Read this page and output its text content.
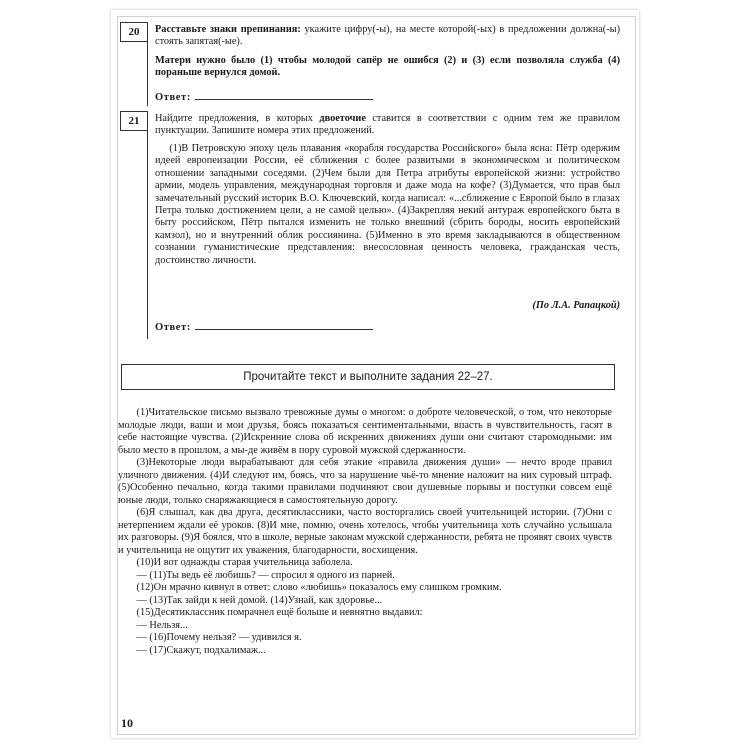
20	Расставьте знаки препинания: укажите цифру(-ы), на месте которой(-ых) в предложении должна(-ы) стоять запятая(-ые).
Матери нужно было (1) чтобы молодой сапёр не ошибся (2) и (3) если позволяла служба (4) пораньше вернулся домой.
Ответ:
21	Найдите предложения, в которых двоеточие ставится в соответствии с одним тем же правилом пунктуации. Запишите номера этих предложений.

(1)В Петровскую эпоху цель плавания «корабля государства Российского» была ясна: Пётр одержим идеей европеизации России, её сближения с более развитыми в экономическом и политическом отношении западными соседями. (2)Чем были для Петра атрибуты европейской жизни: устройство армии, модель управления, международная торговля и даже мода на кофе? (3)Думается, что прав был замечательный русский историк В.О. Ключевский, когда написал: «...сближение с Европой было в глазах Петра только достижением цели, а не самой целью». (4)Закрепляя некий антураж европейского быта в быту российском, Пётр пытался изменить не только внешний (сбрить бороды, носить европейский камзол), но и внутренний облик россиянина. (5)Именно в это время закладываются в общественном сознании гуманистические представления: внесословная ценность человека, гражданская честь, достоинство личности.

(По Л.А. Рапацкой)
Ответ:
Прочитайте текст и выполните задания 22–27.

(1)Читательское письмо вызвало тревожные думы о многом: о доброте человеческой, о том, что некоторые молодые люди, ваши и мои друзья, боясь показаться сентиментальными, впасть в чувствительность, гасят в себе настоящие чувства. (2)Искренние слова об искренних движениях души они считают старомодными: им было место в прошлом, а мы-де живём в пору суровой мужской сдержанности.

(3)Некоторые люди вырабатывают для себя этакие «правила движения души» — нечто вроде правил уличного движения. (4)И следуют им, боясь, что за нарушение чьё-то мнение наложит на них суровый штраф. (5)Особенно печально, когда такими правилами подчиняют свои душевные порывы и поступки совсем ещё юные люди, только снаряжающиеся в самостоятельную дорогу.

(6)Я слышал, как два друга, десятиклассники, часто восторгались своей учительницей истории. (7)Они с нетерпением ждали её уроков. (8)И мне, помню, очень хотелось, чтобы учительница хоть случайно услышала их разговоры. (9)Я боялся, что в школе, верные законам мужской сдержанности, ребята не проявят своих чувств и учительница не ощутит их уважения, благодарности, восхищения.

(10)И вот однажды старая учительница заболела.

— (11)Ты ведь её любишь? — спросил я одного из парней.

(12)Он мрачно кивнул в ответ: слово «любишь» показалось ему слишком громким.

— (13)Так зайди к ней домой. (14)Узнай, как здоровье...

(15)Десятиклассник помрачнел ещё больше и невнятно выдавил:

— Нельзя...

— (16)Почему нельзя? — удивился я.

— (17)Скажут, подхалимаж...

10
